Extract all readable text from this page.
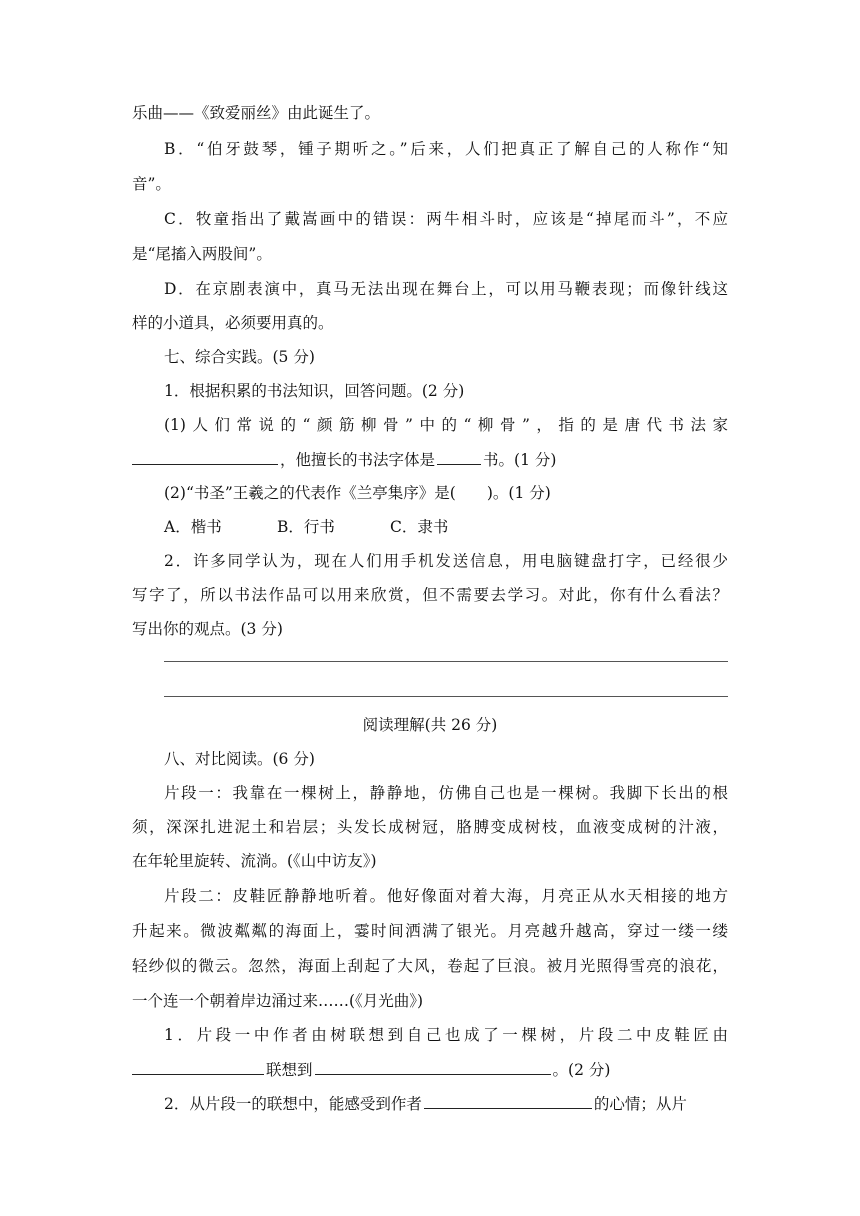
乐曲——《致爱丽丝》由此诞生了。
B．“伯牙鼓琴，锺子期听之。”后来，人们把真正了解自己的人称作“知
音”。
C．牧童指出了戴嵩画中的错误：两牛相斗时，应该是“掉尾而斗”，不应
是“尾搐入两股间”。
D．在京剧表演中，真马无法出现在舞台上，可以用马鞭表现；而像针线这
样的小道具，必须要用真的。
七、综合实践。(5 分)
1．根据积累的书法知识，回答问题。(2 分)
(1)人们常说的“颜筋柳骨”中的“柳骨”，指的是唐代书法家
，他擅长的书法字体是	书。(1 分)
(2)“书圣”王羲之的代表作《兰亭集序》是(　　)。(1 分)
A．楷书	B．行书	C．隶书
2．许多同学认为，现在人们用手机发送信息，用电脑键盘打字，已经很少
写字了，所以书法作品可以用来欣赏，但不需要去学习。对此，你有什么看法？
写出你的观点。(3 分)
阅读理解(共 26 分)
八、对比阅读。(6 分)
片段一：我靠在一棵树上，静静地，仿佛自己也是一棵树。我脚下长出的根
须，深深扎进泥土和岩层；头发长成树冠，胳膊变成树枝，血液变成树的汁液，
在年轮里旋转、流淌。(《山中访友》)
片段二：皮鞋匠静静地听着。他好像面对着大海，月亮正从水天相接的地方
升起来。微波粼粼的海面上，霎时间洒满了银光。月亮越升越高，穿过一缕一缕
轻纱似的微云。忽然，海面上刮起了大风，卷起了巨浪。被月光照得雪亮的浪花，
一个连一个朝着岸边涌过来……(《月光曲》)
1．片段一中作者由树联想到自己也成了一棵树，片段二中皮鞋匠由
联想到	。(2 分)
2．从片段一的联想中，能感受到作者	的心情；从片
